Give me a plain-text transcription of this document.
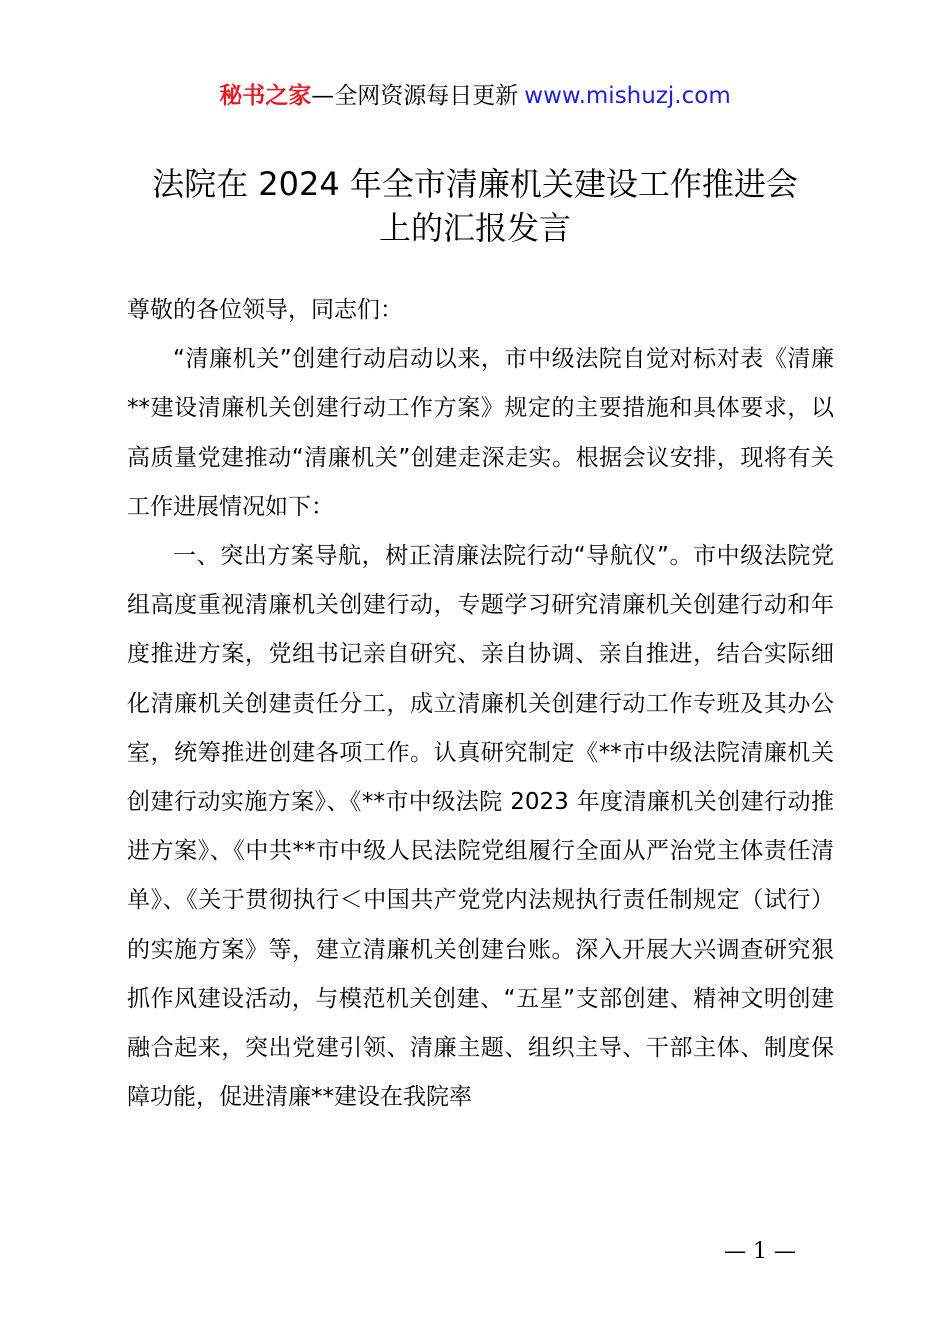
秘书之家—全网资源每日更新 www.mishuzj.com
法院在 2024 年全市清廉机关建设工作推进会
上的汇报发言

尊敬的各位领导，同志们：

“清廉机关”创建行动启动以来，市中级法院自觉对标对表《清廉**建设清廉机关创建行动工作方案》规定的主要措施和具体要求，以高质量党建推动“清廉机关”创建走深走实。根据会议安排，现将有关工作进展情况如下：

一、突出方案导航，树正清廉法院行动“导航仪”。市中级法院党组高度重视清廉机关创建行动，专题学习研究清廉机关创建行动和年度推进方案，党组书记亲自研究、亲自协调、亲自推进，结合实际细化清廉机关创建责任分工，成立清廉机关创建行动工作专班及其办公室，统筹推进创建各项工作。认真研究制定《**市中级法院清廉机关创建行动实施方案》、《**市中级法院 2023 年度清廉机关创建行动推进方案》、《中共**市中级人民法院党组履行全面从严治党主体责任清单》、《关于贯彻执行＜中国共产党党内法规执行责任制规定（试行）的实施方案》等，建立清廉机关创建台账。深入开展大兴调查研究狠抓作风建设活动，与模范机关创建、“五星”支部创建、精神文明创建融合起来，突出党建引领、清廉主题、组织主导、干部主体、制度保障功能，促进清廉**建设在我院率

— 1 —
